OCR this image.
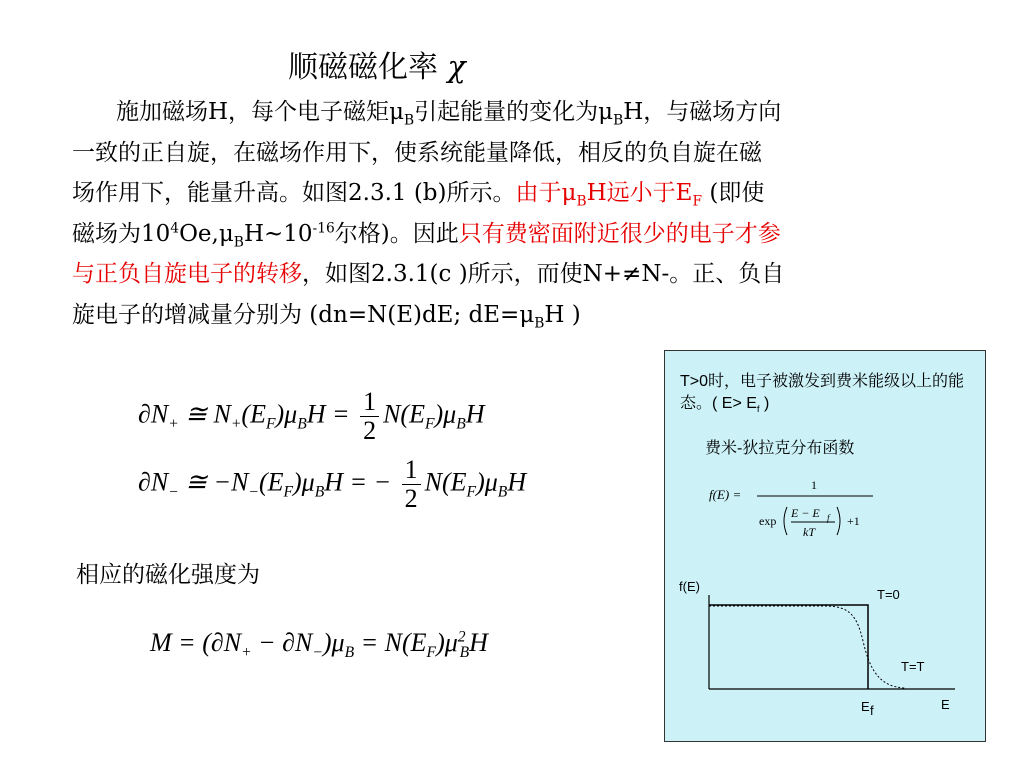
顺磁磁化率 χ
施加磁场H，每个电子磁矩$\mu_B$引起能量的变化为$\mu_BH$，与磁场方向
一致的正自旋，在磁场作用下，使系统能量降低，相反的负自旋在磁
场作用下，能量升高。如图2.3.1 (b)所示。由于$\mu_BH$远小于$E_F$ (即使
磁场为$10^4Oe,\mu_BH\sim 10^{-16}$尔格)。因此只有费密面附近很少的电子才参
与正负自旋电子的转移，如图2.3.1(c )所示，而使N+≠N-。正、负自
旋电子的增减量分别为 (dn=N(E)dE; $dE=\mu_BH$ )
$\partial N_+$ ≅ $N_+(E_F)\mu_BH = \frac{1}{2} N(E_F)\mu_BH$
$\partial N_-$ ≅ $-N_-(E_F)\mu_BH$ = − $\frac{1}{2} N(E_F)\mu_BH$
相应的磁化强度为
$M = (\partial N_+ - \partial N_-)\mu_B = N(E_F)\mu^2_BH$
T>0时，电子被激发到费米能级以上的能态。( $E> E_f$ )
费米-狄拉克分布函数
f(E) =
1
exp
E − E f
kT
+1
f(E)
T=0
T=T
E f	E
